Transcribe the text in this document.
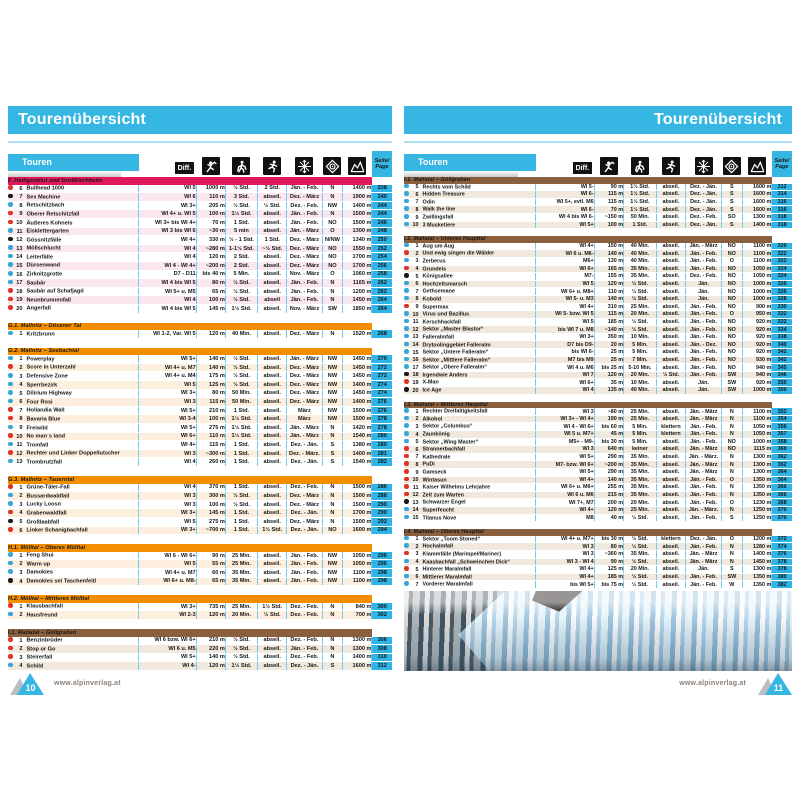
Tourenübersicht
Touren	Diff.							Seite/
Page

F. Heiligenblut und Großkirchheim								
6 Bullhead 1000	WI 5	1000 m	½ Std.	2 Std.	Jän. - Feb.	N	1400 m	238
7 Sex Machine	WI 6	110 m	3 Std.	abseil.	Dez. - März	N	1900 m	240
8 Retschitzbach	WI 3+	205 m	½ Std.	½ Std.	Dez. - Feb.	NW	1400 m	244
9 Oberer Retschitzfall	WI 4+ u. WI 5	100 m	1½ Std.	abseil.	Jän. - Feb.	N	1500 m	244
10 Äußeres Kohneis	WI 3+ bis WI 4+	70 m	1 Std.	abseil.	Jän. - Feb.	NO	1500 m	246
11 Eisklettergarten	WI 3 bis WI 6	~30 m	5 min	abseil.	Jän. - März	O	1300 m	248
12 Gössnitzfälle	WI 4+	330 m	½ - 1 Std.	1 Std.	Dez. - März	N/NW	1340 m	250
13 Möllschlucht	WI 4	~280 m	1-1½ Std.	~½ Std.	Dez. - März	NO	1550 m	252
14 Leiterfälle	WI 4	120 m	2 Std.	abseil.	Dez. - März	NO	1700 m	254
15 Dürsenwand	WI 4 - WI 4+	~200 m	2 Std.	abseil.	Dez. - März	NO	1700 m	256
16 Zirknitzgrotte	D7 - D11	bis 40 m	5 Min.	abseil.	Nov. - März	O	1060 m	258
17 Saubär	WI 4 bis WI 5	80 m	½ Std.	abseil.	Jän. - Feb.	N	1165 m	262
18 Saubär auf Schafjagd	WI 5+ u. M5	65 m	½ Std.	abseil.	Jän. - Feb.	N	1200 m	262
19 Neunbrunnenfall	WI 4	100 m	½ Std.	abseil	Jän. - Feb.	N	1450 m	264
20 Angerfall	WI 4 bis WI 5	145 m	1½ Std.	abseil.	Nov. - März	SW	1850 m	264

G.1. Mallnitz – Dösener Tal								
1 Kritzbrunn	WI 1-2, Var. WI 5	120 m	40 Min.	abseil.	Dez. - März	N	1520 m	268

G.2. Mallnitz – Seebachtal								
1 Powerplay	WI 5+	140 m	½ Std.	abseil.	Jän. - März	NW	1450 m	270
2 Score in Unterzahl	WI 4+ u. M7	140 m	½ Std.	abseil.	Dez. - März	NW	1450 m	272
3 Defensive Zone	WI 4+ u. M4	175 m	½ Std.	abseil.	Dez. - März	NW	1450 m	272
4 Sperrbezirk	WI 5	125 m	½ Std.	abseil.	Dez. - März	NW	1400 m	274
5 Dilirium Highway	WI 3+	80 m	50 Min.	abseil.	Dez. - März	NW	1450 m	274
6 Four Rosi	WI 3	115 m	50 Min.	abseil.	Dez. - März	NW	1400 m	276
7 Hollandia Wall	WI 5+	210 m	1 Std.	abseil.	März	NW	1500 m	276
8 Bavaria Blue	WI 3-4	100 m	1½ Std.	abseil.	März	NW	1500 m	278
9 Freiwild	WI 5+	275 m	1½ Std.	abseil.	Jän. - März	N	1420 m	278
10 No man´s land	WI 6+	110 m	1½ Std.	abseil.	Jän. - März	N	1540 m	280
11 Tromfall	WI 4+	115 m	1 Std.	abseil.	Dez. - Jän.	S	1380 m	280
12 Rechter und Linker Doppellutscher	WI 3	~300 m	1 Std.	abseil.	Dez. - März.	S	1400 m	281
13 Trombrutzfall	WI 4	260 m	1 Std.	abseil.	Dez. - Jän.	S	1540 m	282

G.3. Mallnitz – Tauerntal								
1 Grüne-Täler-Fall	WI 4	370 m	1 Std.	abseil.	Dez. - Feb.	N	1500 m	286
2 Bussardwaldfall	WI 3	300 m	½ Std.	abseil.	Dez. - März	N	1500 m	288
3 Lucky Loosn	WI 3	100 m	½ Std.	abseil.	Dez. - März	N	1500 m	290
4 Grabenwaldfall	WI 3+	145 m	1 Std.	abseil.	Dez. - Jän.	N	1700 m	290
5 Großlaabfall	WI 5	275 m	1 Std.	abseil.	Dez. - März	N	1500 m	292
6 Linker Schanigbachfall	WI 3+	~700 m	1 Std.	1½ Std.	Dez. - Jän.	NO	1600 m	294

H.1. Mölltal – Oberes Mölltal								
1 Feng Shui	WI 6 - WI 6+	90 m	25 Min.	abseil.	Jän. - Feb.	NW	1050 m	296
2 Warm up	WI 5	55 m	25 Min.	abseil.	Jän. - Feb.	NW	1050 m	296
3 Damokles	WI 4+ u. M7	60 m	35 Min.	abseil.	Jän. - Feb.	NW	1100 m	298
4 Damokles sei Taschenfeitl	WI 6+ u. M8-	65 m	35 Min.	abseil.	Jän. - Feb.	NW	1100 m	298

H.2. Mölltal – Mittleres Mölltal								
1 Klausbachfall	WI 3+	735 m	25 Min.	1½ Std.	Dez. - Feb.	N	840 m	300
2 Hausfreund	WI 2-3	120 m	20 Min.	½ Std.	Dez. - Feb.	N	700 m	302

I.1. Maltatal – Göllgraben								
1 Benzinbrüder	WI 6 bzw. WI 6+	210 m	½ Std.	abseil.	Dez. - Feb.	N	1300 m	306
2 Stop or Go	WI 6 u. M5	220 m	½ Std.	abseil.	Jän. - Feb.	N	1300 m	308
3 Steirerfall	WI 5+	140 m	½ Std.	abseil.	Dez. - Feb.	N	1400 m	310
4 Schild	WI 4-	120 m	1½ Std.	abseil.	Dez. - Jän.	S	1600 m	312
Tourenübersicht
Touren	Diff.							Seite/
Page

I.1. Maltatal – Göllgraben								
5 Rechts vom Schild	WI 5-	90 m	1½ Std.	abseil.	Dez. - Jän.	S	1600 m	312
6 Hidden Treasure	WI 6-	115 m	1½ Std.	abseil.	Dez. - Jän.	S	1600 m	314
7 Odin	WI 5+, evtl. M6	115 m	1½ Std.	abseil.	Dez. - Jän.	S	1600 m	316
8 Walk the line	WI 6-	70 m	1½ Std.	abseil.	Dez. - Jän.	S	1600 m	316
9 Zwillingsfall	WI 4 bis WI 6-	~150 m	50 Min.	abseil.	Dez. - Feb.	SO	1300 m	318
10 3 Musketiere	WI 5+	100 m	1 Std.	abseil.	Dez. - Jän.	S	1400 m	318

I.2. Maltatal – Unteres Haupttal								
1 Aug um Aug	WI 4+	150 m	40 Min.	abseil.	Jän. - März	NO	1100 m	320
2 Und ewig singen die Wälder	WI 6 u. M6-	140 m	40 Min.	abseil.	Jän. - Feb.	NO	1100 m	322
3 Zerberus	M6+	130 m	40 Min.	abseil.	Jän. - Feb.	O	1100 m	322
4 Grundeis	WI 6+	165 m	35 Min.	abseil.	Jän. - Feb.	NO	1050 m	324
5 Königsallee	M7-	155 m	35 Min.	abseil.	Dez. - Feb.	NO	1050 m	324
6 Hochzeitsmarsch	WI 5	120 m	½ Std.	abseil.	Jän.	NO	1000 m	326
7 Gethsemane	WI 6+ u. M8+	110 m	½ Std.	abseil.	Jän.	NO	1000 m	326
8 Kobold	WI 5- u. M3	140 m	½ Std.	abseil.	Jän.	NO	1000 m	328
9 Supermax	WI 4+	310 m	25 Min.	abseil.	Jän. - Feb.	NO	900 m	330
10 Virus und Bazillus	WI 5- bzw. WI 5	115 m	20 Min.	abseil.	Jän. - Feb.	O	950 m	332
11 Kerschhackfall	WI 5	185 m	½ Std.	abseil.	Jän. - Feb.	NO	920 m	332
12 Sektor „Master Blastor“	bis WI 7 u. M8	~140 m	½ Std.	abseil.	Jän. - Feb.	NO	920 m	334
13 Falleralmfall	WI 3+	350 m	10 Min.	abseil.	Jän. - Feb.	NO	920 m	338
14 Drytoolinggebiet Falleralm	D7 bis D9-	20 m	5 Min.	abseil.	Jän. - Dez.	NO	920 m	340
15 Sektor „Untere Falleralm“	bis WI 6-	25 m	5 Min.	abseil.	Jän. - Feb.	NO	920 m	342
16 Sektor „Mittlere Falleralm“	M7 bis M9	25 m	7 Min.	abseil.	Jän. - Feb.	NO	930 m	342
17 Sektor „Obere Falleralm“	WI 4 u. M6	bis 25 m	5-10 Min.	abseil.	Jän. - Feb.	NO	940 m	345
18 Irgendwie Anders	WI 7	120 m	20 Min.	½ Std.	Jän. - Feb.	SW	940 m	346
19 X-Man	WI 6+	35 m	10 Min.	abseil.	Jän.	SW	920 m	350
20 Ice Age	WI 4	135 m	40 Min.	abseil.	Jän.	SW	1000 m	350

I.3. Maltatal – Mittleres Haupttal								
1 Rechter Dreifaltigkeitsfall	WI 3	~80 m	25 Min.	abseil.	Jän. - März	N	1100 m	352
2 Alkohol	WI 3+ - WI 4+	190 m	25 Min.	abseil.	Jän. - März	N	1100 m	354
3 Sektor „Columbus“	WI 4 - WI 6+	bis 60 m	5 Min.	klettern	Jän. - Feb.	N	1050 m	356
4 Zaunkönig	WI 5 u. M7+	45 m	5 Min.	klettern	Jän. - Feb.	N	1050 m	357
5 Sektor „Wing Master“	M5+ - M9-	bis 30 m	5 Min.	abseil.	Jän. - Feb.	NO	1000 m	358
6 Strannerbachfall	WI 3	640 m	keiner	abseil.	Jän. - März	NO	1115 m	360
7 Kathedrale	WI 5+	290 m	35 Min.	abseil.	Jän. - März.	N	1300 m	362
8 PuDi	M7- bzw. WI 6+	~200 m	35 Min.	abseil.	Jän. - März	N	1300 m	362
9 Gamseck	WI 5+	290 m	35 Min.	abseil.	Jän. - März	N	1300 m	364
10 Wintasun	WI 4+	140 m	35 Min.	abseil.	Jän. - Feb.	O	1350 m	364
11 Kaiser Wilhelms Lehrjahre	WI 6+ u. M6+	255 m	35 Min.	abseil.	Jän. - Feb.	N	1350 m	366
12 Zeit zum Warten	WI 6 u. M6	215 m	35 Min.	abseil.	Jän. - Feb.	N	1350 m	366
13 Schwarzer Engel	WI 7+, M7	200 m	20 Min.	abseil.	Jän. - Feb.	O	1230 m	368
14 Superfeucht	WI 4+	120 m	25 Min.	abseil.	Jän. - März.	N	1250 m	370
15 Titanus Nove	M8	40 m	½ Std.	abseil.	Jän. - Feb.	S	1250 m	370

I.4. Maltatal – Oberes Haupttal								
1 Sektor „Toom Stoned“	WI 4+ u. M7+	bis 30 m	½ Std.	klettern	Dez. - Jän.	O	1200 m	372
2 Hochalmfall	WI 3	80 m	½ Std.	abseil.	Jän. - Feb.	N	1280 m	374
3 Klammfälle (Marimpel/Mariner)	WI 3	~360 m	35 Min.	abseil.	Jän. - März	N	1400 m	376
4 Kaasbachfall „Schweinchen Dick“	WI 3 - WI 4	90 m	½ Std.	abseil.	Jän. - März	N	1450 m	378
5 Hinterer Maralmfall	WI 4+	125 m	20 Min.	abseil.	Jän.	S	1300 m	378
6 Mittlerer Maralmfall	WI 4+	185 m	½ Std.	abseil.	Jän. - Feb.	SW	1350 m	380
7 Vorderer Maralmfall	bis WI 5+	bis 75 m	½ Std.	abseil.	Jän. - Feb.	W	1350 m	382
10	www.alpinverlag.at	www.alpinverlag.at	11
